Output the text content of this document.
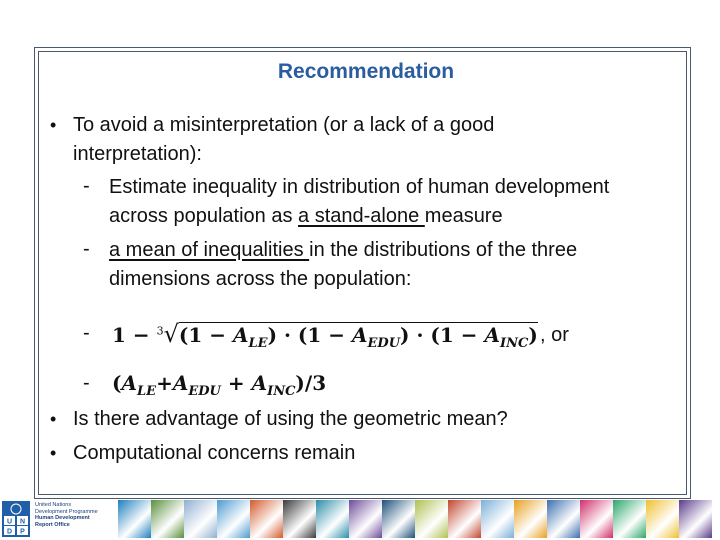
Recommendation
• To avoid a misinterpretation (or a lack of a good
interpretation):
- Estimate inequality in distribution of human development
across population as a stand-alone measure
- a mean of inequalities in the distributions of the three
dimensions across the population:
- $1 - ^3√(1 - A_{LE}) \cdot (1 - A_{EDU}) \cdot (1 - A_{INC})$ , or
- $(A_{LE}+A_{EDU} + A_{INC})/3$
• Is there advantage of using the geometric mean?
• Computational concerns remain
U N
D P
United Nations
Development Programme
Human Development
Report Office
